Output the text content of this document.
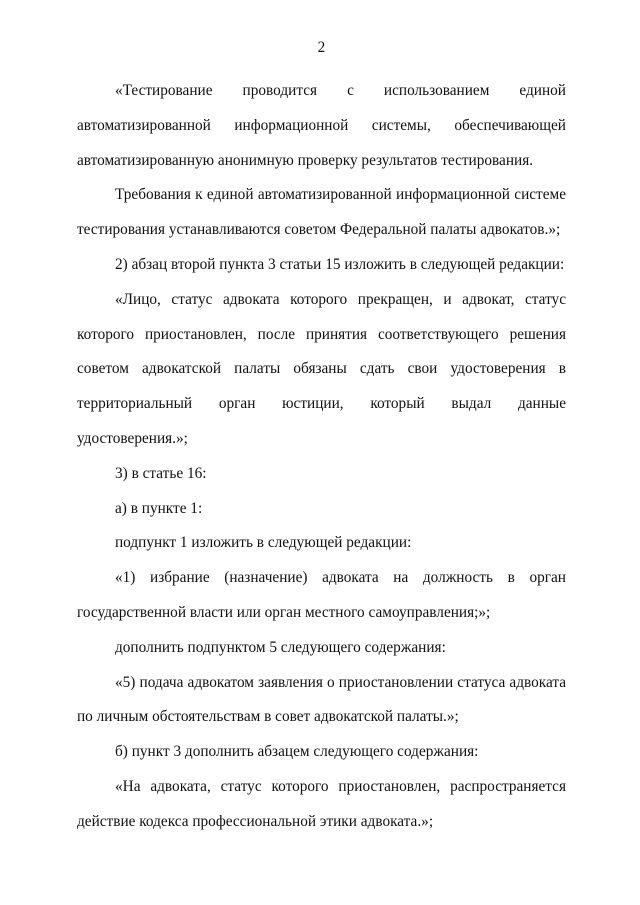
2

«Тестирование проводится с использованием единой автоматизированной информационной системы, обеспечивающей автоматизированную анонимную проверку результатов тестирования.

Требования к единой автоматизированной информационной системе тестирования устанавливаются советом Федеральной палаты адвокатов.»;

2) абзац второй пункта 3 статьи 15 изложить в следующей редакции:

«Лицо, статус адвоката которого прекращен, и адвокат, статус которого приостановлен, после принятия соответствующего решения советом адвокатской палаты обязаны сдать свои удостоверения в территориальный орган юстиции, который выдал данные удостоверения.»;

3) в статье 16:

а) в пункте 1:

подпункт 1 изложить в следующей редакции:

«1) избрание (назначение) адвоката на должность в орган государственной власти или орган местного самоуправления;»;

дополнить подпунктом 5 следующего содержания:

«5) подача адвокатом заявления о приостановлении статуса адвоката по личным обстоятельствам в совет адвокатской палаты.»;

б) пункт 3 дополнить абзацем следующего содержания:

«На адвоката, статус которого приостановлен, распространяется действие кодекса профессиональной этики адвоката.»;
